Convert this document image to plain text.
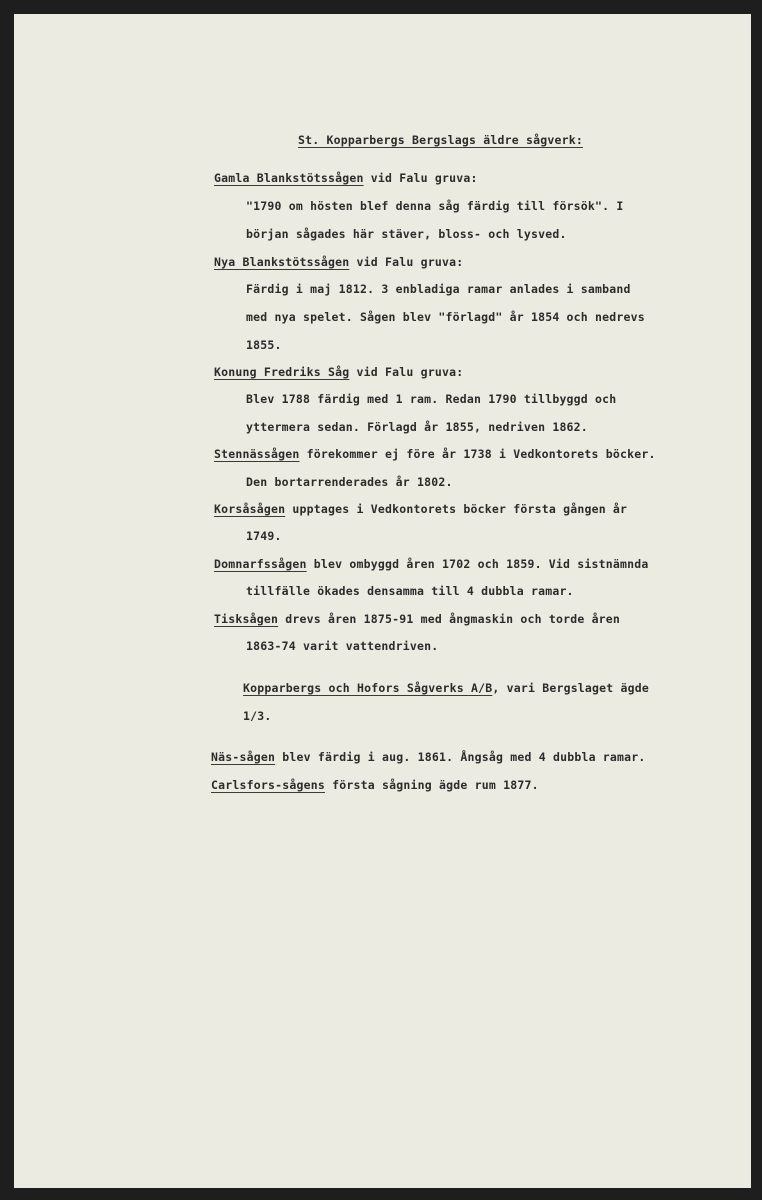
St. Kopparbergs Bergslags äldre sågverk:

Gamla Blankstötssågen vid Falu gruva:

"1790 om hösten blef denna såg färdig till försök". I

början sågades här stäver, bloss- och lysved.

Nya Blankstötssågen vid Falu gruva:

Färdig i maj 1812. 3 enbladiga ramar anlades i samband

med nya spelet. Sågen blev "förlagd" år 1854 och nedrevs

1855.

Konung Fredriks Såg vid Falu gruva:

Blev 1788 färdig med 1 ram. Redan 1790 tillbyggd och

yttermera sedan. Förlagd år 1855, nedriven 1862.

Stennässågen förekommer ej före år 1738 i Vedkontorets böcker.

Den bortarrenderades år 1802.

Korsåsågen upptages i Vedkontorets böcker första gången år

1749.

Domnarfssågen blev ombyggd åren 1702 och 1859. Vid sistnämnda

tillfälle ökades densamma till 4 dubbla ramar.

Tisksågen drevs åren 1875-91 med ångmaskin och torde åren

1863-74 varit vattendriven.

Kopparbergs och Hofors Sågverks A/B, vari Bergslaget ägde

1/3.

Näs-sågen blev färdig i aug. 1861. Ångsåg med 4 dubbla ramar.

Carlsfors-sågens första sågning ägde rum 1877.
